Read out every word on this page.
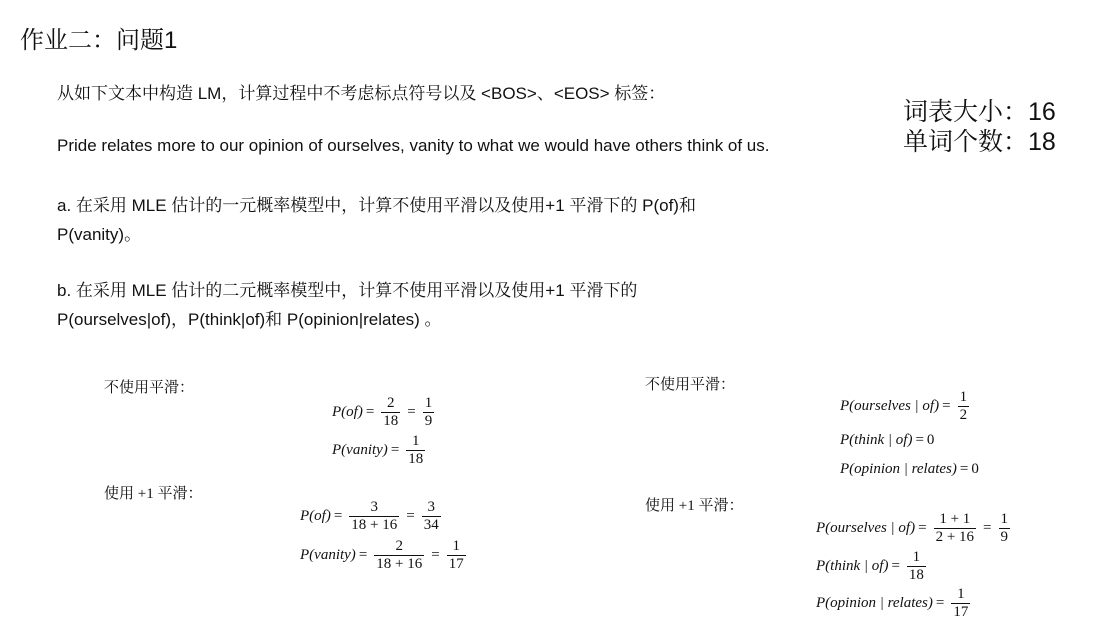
作业二：问题1
从如下文本中构造 LM，计算过程中不考虑标点符号以及 <BOS>、<EOS> 标签：
词表大小：16
单词个数：18
Pride relates more to our opinion of ourselves, vanity to what we would have others think of us.
a. 在采用 MLE 估计的一元概率模型中，计算不使用平滑以及使用+1 平滑下的 P(of)和
P(vanity)。
b. 在采用 MLE 估计的二元概率模型中，计算不使用平滑以及使用+1 平滑下的
P(ourselves|of)，P(think|of)和 P(opinion|relates) 。
不使用平滑：
$P(of) = \frac{2}{18} = \frac{1}{9}$
P(vanity) = $\frac{1}{18}$
使用 +1 平滑：
$P(of) = \frac{3}{18 + 16} = \frac{3}{34}$
P(vanity) = $\frac{2}{18 + 16} = \frac{1}{17}$
不使用平滑：
P(ourselves | $of) = \frac{1}{2}$
P(think | of) = 0
P(opinion | relates) = 0
使用 +1 平滑：
P(ourselves | $of) = \frac{1 + 1}{2 + 16} = \frac{1}{9}$
P(think | $of) = \frac{1}{18}$
P(opinion | relates) = $\frac{1}{17}$
